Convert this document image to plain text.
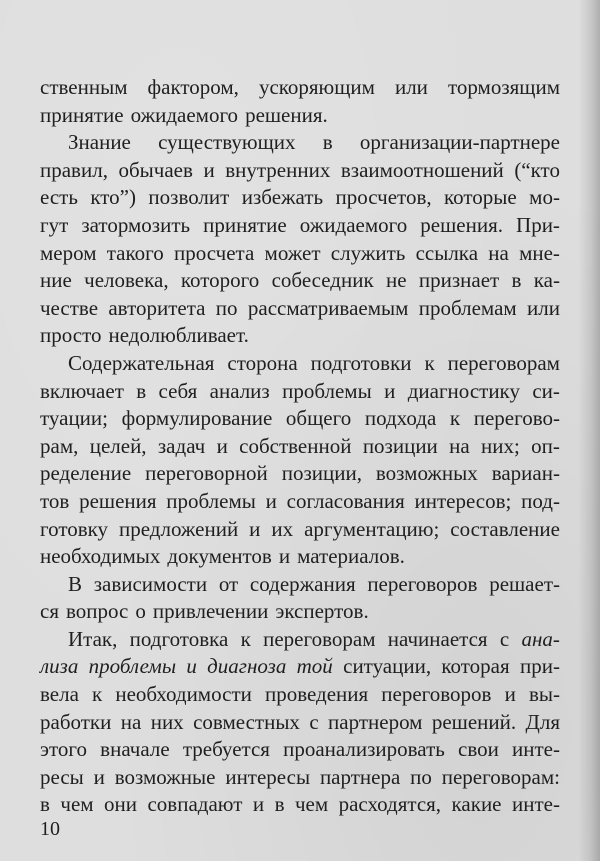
ственным фактором, ускоряющим или тормозящим
принятие ожидаемого решения.
Знание существующих в организации-партнере
правил, обычаев и внутренних взаимоотношений (“кто
есть кто”) позволит избежать просчетов, которые мо-
гут затормозить принятие ожидаемого решения. При-
мером такого просчета может служить ссылка на мне-
ние человека, которого собеседник не признает в ка-
честве авторитета по рассматриваемым проблемам или
просто недолюбливает.
Содержательная сторона подготовки к переговорам
включает в себя анализ проблемы и диагностику си-
туации; формулирование общего подхода к перегово-
рам, целей, задач и собственной позиции на них; оп-
ределение переговорной позиции, возможных вариан-
тов решения проблемы и согласования интересов; под-
готовку предложений и их аргументацию; составление
необходимых документов и материалов.
В зависимости от содержания переговоров решает-
ся вопрос о привлечении экспертов.
Итак, подготовка к переговорам начинается с ана-
лиза проблемы и диагноза той ситуации, которая при-
вела к необходимости проведения переговоров и вы-
работки на них совместных с партнером решений. Для
этого вначале требуется проанализировать свои инте-
ресы и возможные интересы партнера по переговорам:
в чем они совпадают и в чем расходятся, какие инте-
10
